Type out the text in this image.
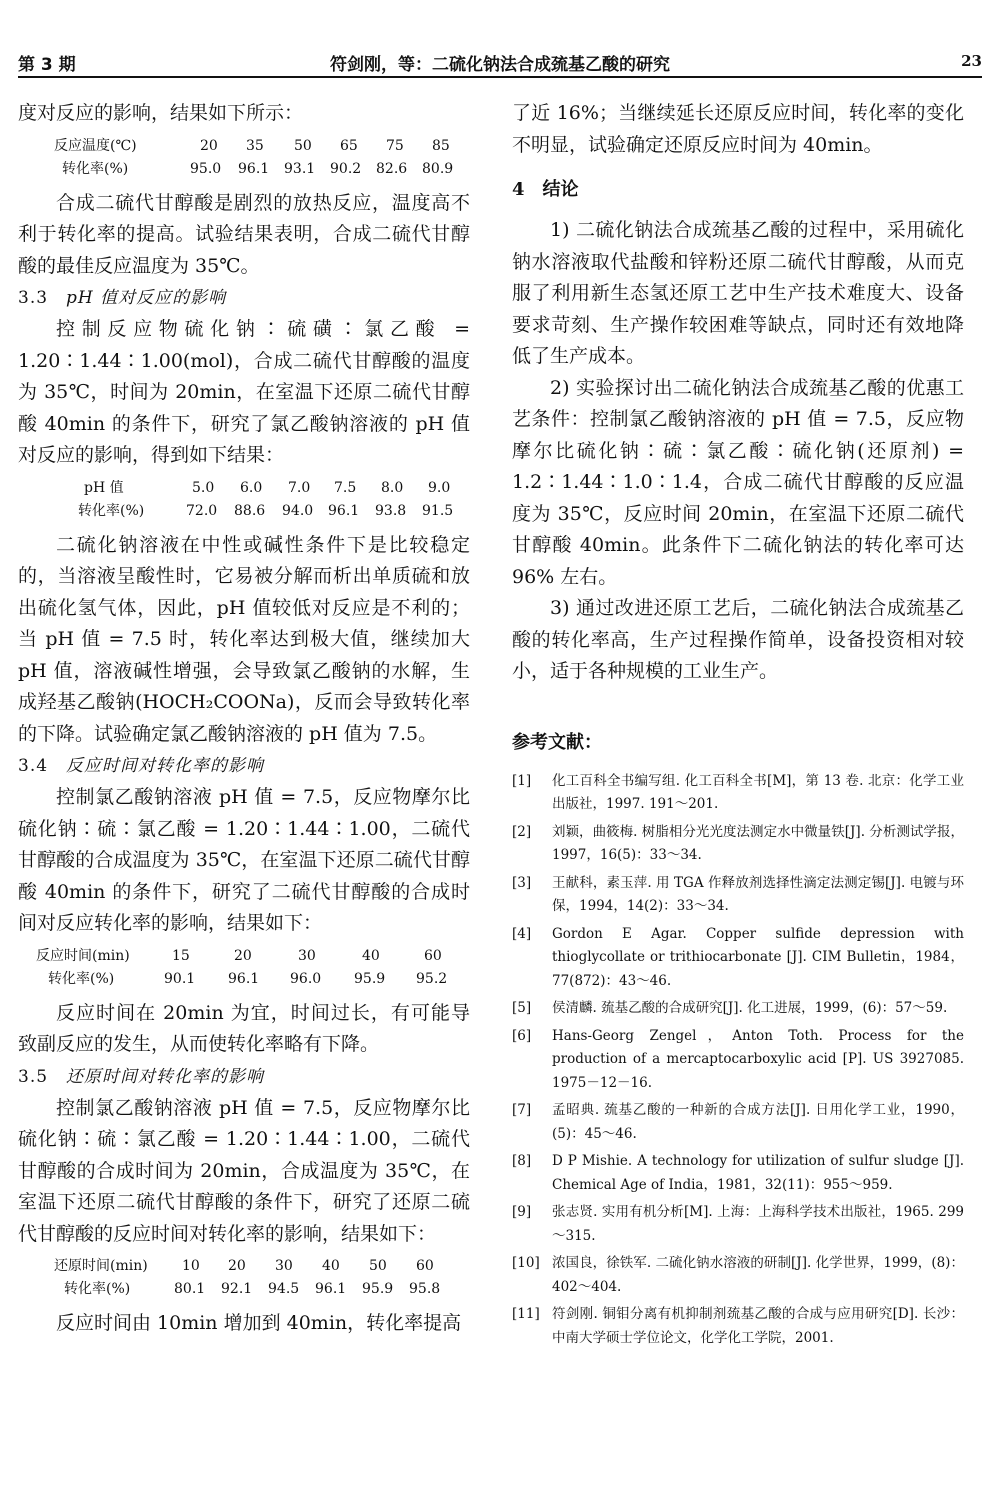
第 3 期	符剑刚，等：二硫化钠法合成巯基乙酸的研究	23

度对反应的影响，结果如下所示：

反应温度(℃)	20 35 50 65 75 85
转化率(%)	95.0 96.1 93.1 90.2 82.6 80.9

合成二硫代甘醇酸是剧烈的放热反应，温度高不利于转化率的提高。试验结果表明，合成二硫代甘醇酸的最佳反应温度为 35℃。

3.3 pH 值对反应的影响

控制反应物硫化钠∶硫磺∶氯乙酸 = 1.20∶1.44∶1.00(mol)，合成二硫代甘醇酸的温度为 35℃，时间为 20min，在室温下还原二硫代甘醇酸 40min 的条件下，研究了氯乙酸钠溶液的 pH 值对反应的影响，得到如下结果：

pH 值	5.0 6.0 7.0 7.5 8.0 9.0
转化率(%)	72.0 88.6 94.0 96.1 93.8 91.5

二硫化钠溶液在中性或碱性条件下是比较稳定的，当溶液呈酸性时，它易被分解而析出单质硫和放出硫化氢气体，因此，pH 值较低对反应是不利的；当 pH 值 = 7.5 时，转化率达到极大值，继续加大 pH 值，溶液碱性增强，会导致氯乙酸钠的水解，生成羟基乙酸钠(HOCH₂COONa)，反而会导致转化率的下降。试验确定氯乙酸钠溶液的 pH 值为 7.5。

3.4 反应时间对转化率的影响

控制氯乙酸钠溶液 pH 值 = 7.5，反应物摩尔比硫化钠∶硫∶氯乙酸 = 1.20∶1.44∶1.00，二硫代甘醇酸的合成温度为 35℃，在室温下还原二硫代甘醇酸 40min 的条件下，研究了二硫代甘醇酸的合成时间对反应转化率的影响，结果如下：

反应时间(min)	15	20	30	40	60
转化率(%)	90.1 96.1 96.0 95.9 95.2

反应时间在 20min 为宜，时间过长，有可能导致副反应的发生，从而使转化率略有下降。

3.5 还原时间对转化率的影响

控制氯乙酸钠溶液 pH 值 = 7.5，反应物摩尔比硫化钠∶硫∶氯乙酸 = 1.20∶1.44∶1.00，二硫代甘醇酸的合成时间为 20min，合成温度为 35℃，在室温下还原二硫代甘醇酸的条件下，研究了还原二硫代甘醇酸的反应时间对转化率的影响，结果如下：

还原时间(min) 10 20 30 40 50 60
转化率(%)	80.1 92.1 94.5 96.1 95.9 95.8

反应时间由 10min 增加到 40min，转化率提高

了近 16%；当继续延长还原反应时间，转化率的变化不明显，试验确定还原反应时间为 40min。

4 结论

1) 二硫化钠法合成巯基乙酸的过程中，采用硫化钠水溶液取代盐酸和锌粉还原二硫代甘醇酸，从而克服了利用新生态氢还原工艺中生产技术难度大、设备要求苛刻、生产操作较困难等缺点，同时还有效地降低了生产成本。

2) 实验探讨出二硫化钠法合成巯基乙酸的优惠工艺条件：控制氯乙酸钠溶液的 pH 值 = 7.5，反应物摩尔比硫化钠∶硫∶氯乙酸∶硫化钠(还原剂) = 1.2∶1.44∶1.0∶1.4，合成二硫代甘醇酸的反应温度为 35℃，反应时间 20min，在室温下还原二硫代甘醇酸 40min。此条件下二硫化钠法的转化率可达 96% 左右。

3) 通过改进还原工艺后，二硫化钠法合成巯基乙酸的转化率高，生产过程操作简单，设备投资相对较小，适于各种规模的工业生产。

参考文献：
[1] 化工百科全书编写组. 化工百科全书[M]，第 13 卷. 北京：化学工业出版社，1997. 191～201.
[2] 刘颖，曲筱梅. 树脂相分光光度法测定水中微量铁[J]. 分析测试学报，1997，16(5)：33～34.
[3] 王献科，素玉萍. 用 TGA 作释放剂选择性滴定法测定锡[J]. 电镀与环保，1994，14(2)：33～34.
[4] Gordon E Agar. Copper sulfide depression with thioglycollate or trithiocarbonate [J]. CIM Bulletin，1984，77(872)：43～46.
[5] 侯清麟. 巯基乙酸的合成研究[J]. 化工进展，1999，(6)：57～59.
[6] Hans-Georg Zengel，Anton Toth. Process for the production of a mercaptocarboxylic acid [P]. US 3927085. 1975－12－16.
[7] 孟昭典. 巯基乙酸的一种新的合成方法[J]. 日用化学工业，1990，(5)：45～46.
[8] D P Mishie. A technology for utilization of sulfur sludge [J]. Chemical Age of India，1981，32(11)：955～959.
[9] 张志贤. 实用有机分析[M]. 上海：上海科学技术出版社，1965. 299～315.
[10] 浓国良，徐铁军. 二硫化钠水溶液的研制[J]. 化学世界，1999，(8)：402～404.
[11] 符剑刚. 铜钼分离有机抑制剂巯基乙酸的合成与应用研究[D]. 长沙：中南大学硕士学位论文，化学化工学院，2001.
